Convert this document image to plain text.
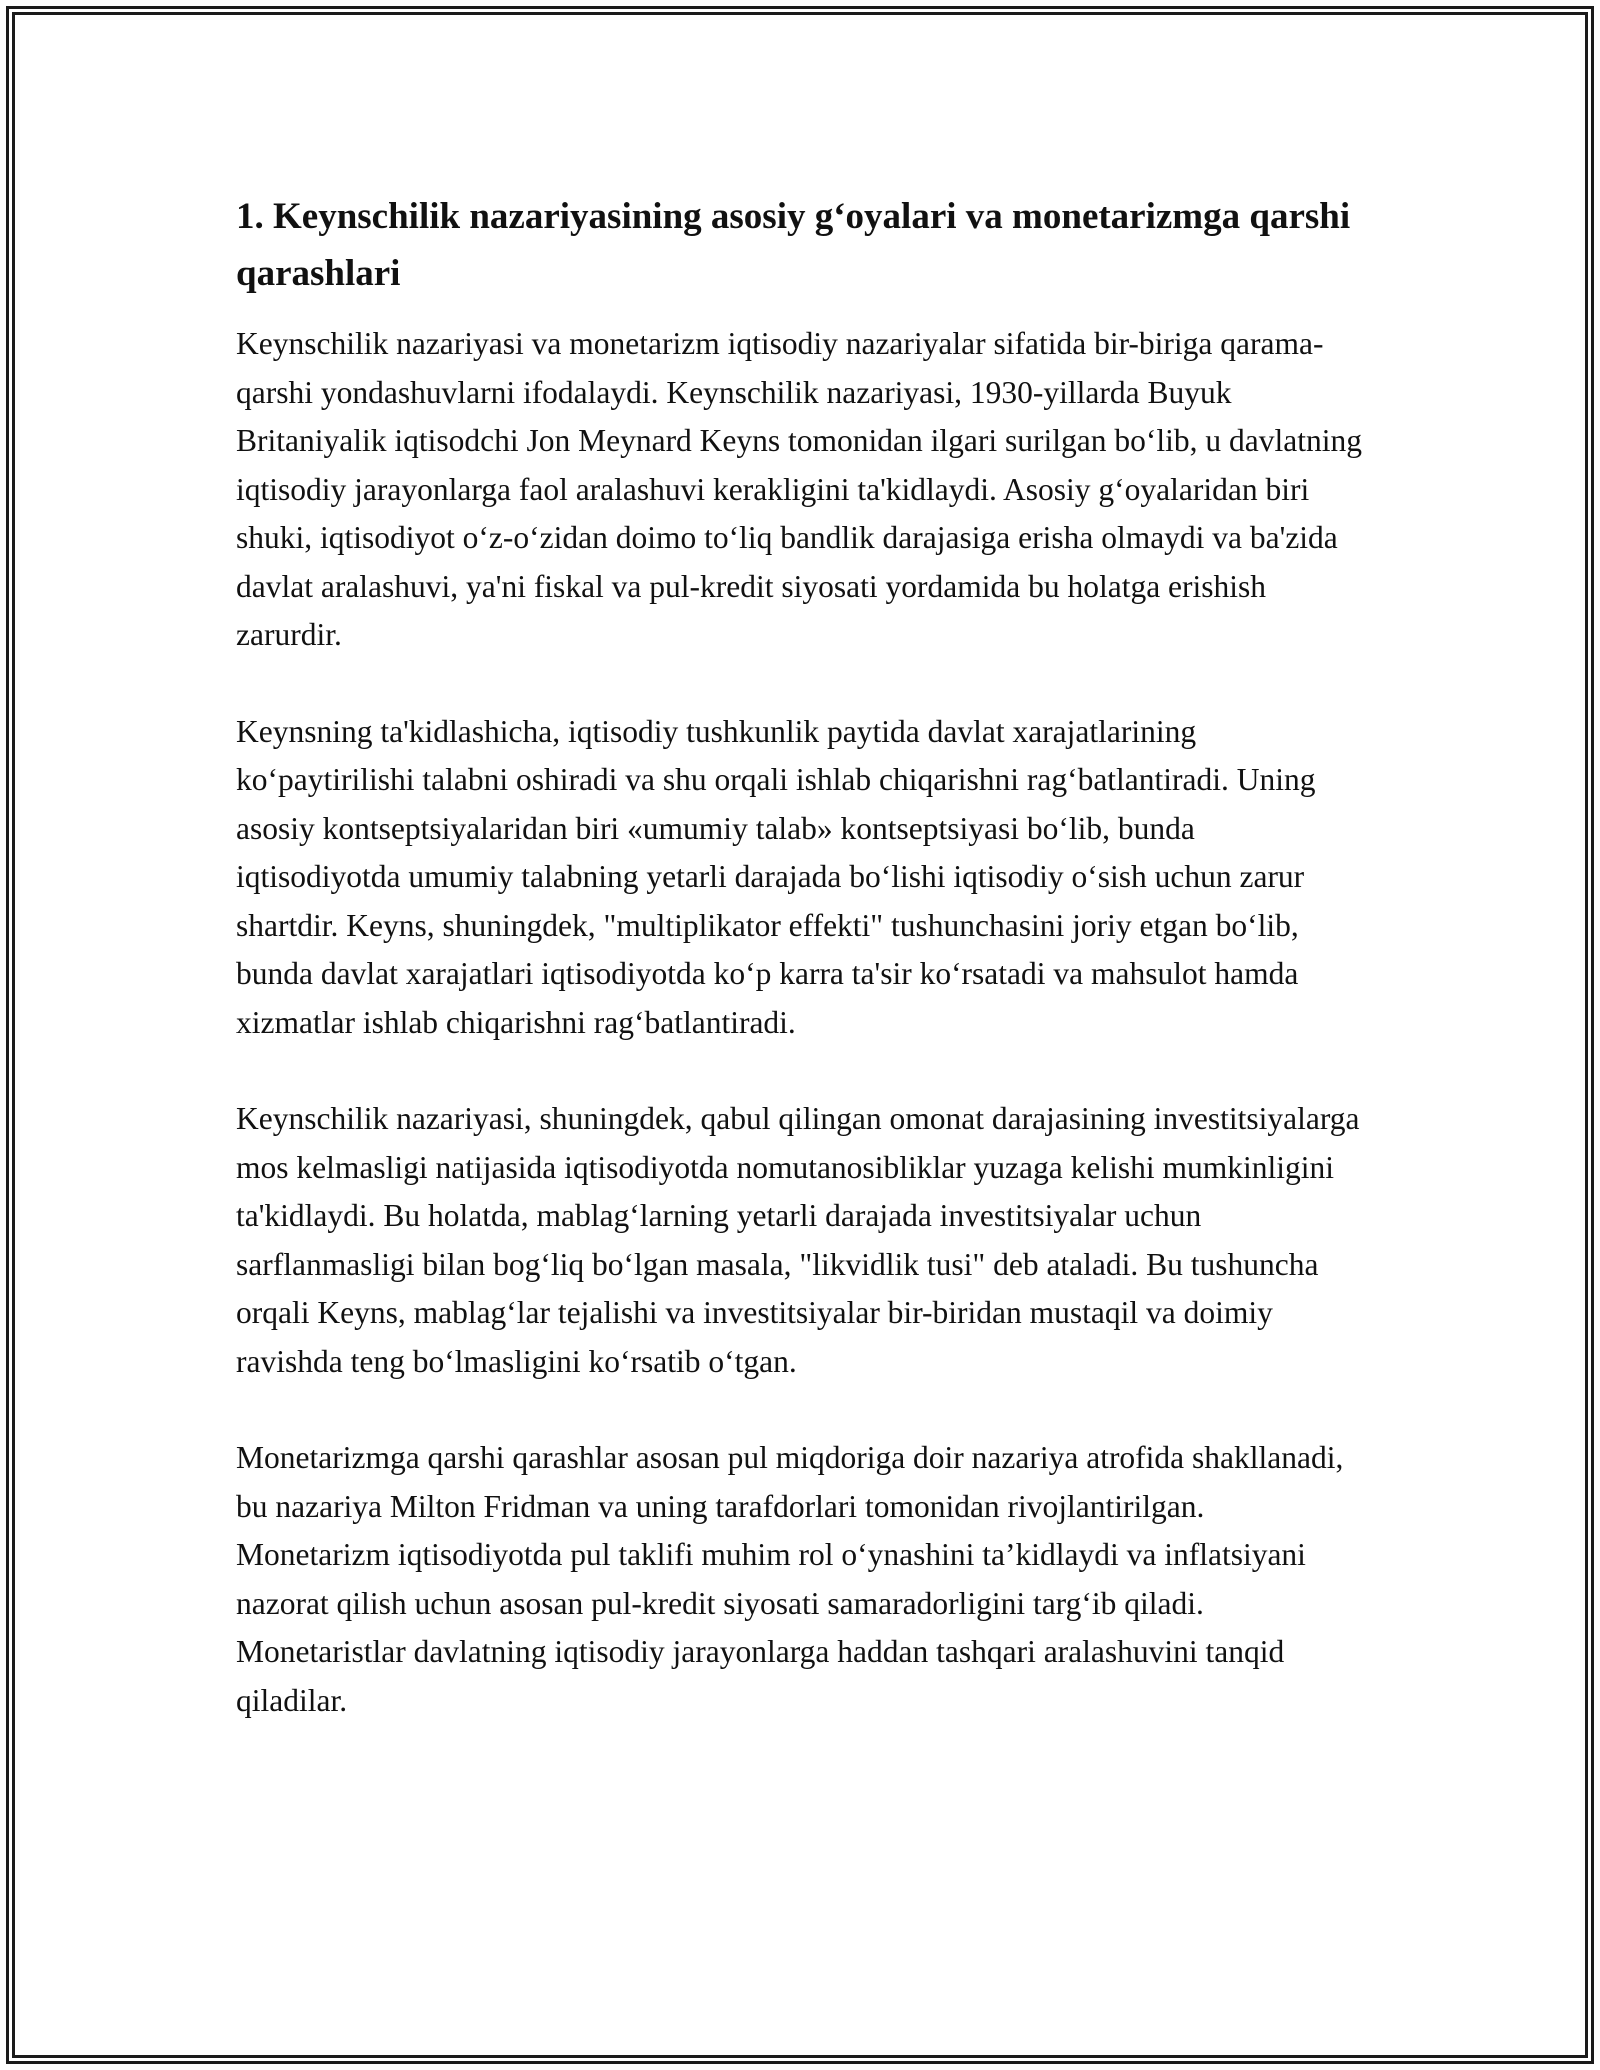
1. Keynschilik nazariyasining asosiy g‘oyalari va monetarizmga qarshi qarashlari

Keynschilik nazariyasi va monetarizm iqtisodiy nazariyalar sifatida bir-biriga qarama-qarshi yondashuvlarni ifodalaydi. Keynschilik nazariyasi, 1930-yillarda Buyuk Britaniyalik iqtisodchi Jon Meynard Keyns tomonidan ilgari surilgan bo‘lib, u davlatning iqtisodiy jarayonlarga faol aralashuvi kerakligini ta'kidlaydi. Asosiy g‘oyalaridan biri shuki, iqtisodiyot o‘z-o‘zidan doimo to‘liq bandlik darajasiga erisha olmaydi va ba'zida davlat aralashuvi, ya'ni fiskal va pul-kredit siyosati yordamida bu holatga erishish zarurdir.

Keynsning ta'kidlashicha, iqtisodiy tushkunlik paytida davlat xarajatlarining ko‘paytirilishi talabni oshiradi va shu orqali ishlab chiqarishni rag‘batlantiradi. Uning asosiy kontseptsiyalaridan biri «umumiy talab» kontseptsiyasi bo‘lib, bunda iqtisodiyotda umumiy talabning yetarli darajada bo‘lishi iqtisodiy o‘sish uchun zarur shartdir. Keyns, shuningdek, "multiplikator effekti" tushunchasini joriy etgan bo‘lib, bunda davlat xarajatlari iqtisodiyotda ko‘p karra ta'sir ko‘rsatadi va mahsulot hamda xizmatlar ishlab chiqarishni rag‘batlantiradi.

Keynschilik nazariyasi, shuningdek, qabul qilingan omonat darajasining investitsiyalarga mos kelmasligi natijasida iqtisodiyotda nomutanosibliklar yuzaga kelishi mumkinligini ta'kidlaydi. Bu holatda, mablag‘larning yetarli darajada investitsiyalar uchun sarflanmasligi bilan bog‘liq bo‘lgan masala, "likvidlik tusi" deb ataladi. Bu tushuncha orqali Keyns, mablag‘lar tejalishi va investitsiyalar bir-biridan mustaqil va doimiy ravishda teng bo‘lmasligini ko‘rsatib o‘tgan.

Monetarizmga qarshi qarashlar asosan pul miqdoriga doir nazariya atrofida shakllanadi, bu nazariya Milton Fridman va uning tarafdorlari tomonidan rivojlantirilgan. Monetarizm iqtisodiyotda pul taklifi muhim rol o‘ynashini ta’kidlaydi va inflatsiyani nazorat qilish uchun asosan pul-kredit siyosati samaradorligini targ‘ib qiladi. Monetaristlar davlatning iqtisodiy jarayonlarga haddan tashqari aralashuvini tanqid qiladilar.
